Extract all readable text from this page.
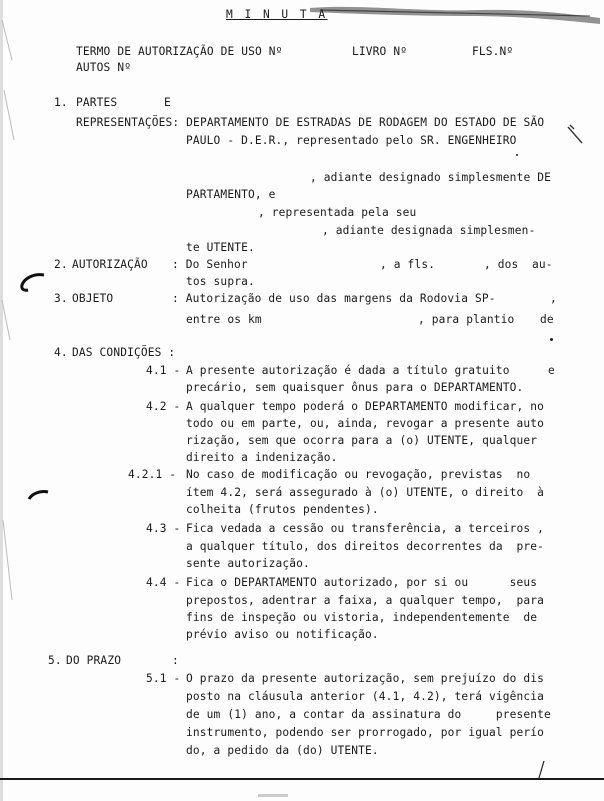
M I N U T A
TERMO DE AUTORIZAÇÃO DE USO Nº	LIVRO Nº	FLS.Nº
AUTOS Nº
1. PARTES	E
REPRESENTAÇÕES: DEPARTAMENTO DE ESTRADAS DE RODAGEM DO ESTADO DE SÃO
PAULO - D.E.R., representado pelo SR. ENGENHEIRO
, adiante designado simplesmente DE
PARTAMENTO, e
, representada pela seu
, adiante designada simplesmen-
te UTENTE.
2. AUTORIZAÇÃO : Do Senhor	, a fls.	, dos au-
tos supra.
3. OBJETO	: Autorização de uso das margens da Rodovia SP-	,
entre os km	, para plantio de
4. DAS CONDIÇÕES :
4.1 - A presente autorização é dada a título gratuito	e
precário, sem quaisquer ônus para o DEPARTAMENTO.
4.2 - A qualquer tempo poderá o DEPARTAMENTO modificar, no
todo ou em parte, ou, ainda, revogar a presente auto
rização, sem que ocorra para a (o) UTENTE, qualquer
direito a indenização.
4.2.1 - No caso de modificação ou revogação, previstas  no
ítem 4.2, será assegurado à (o) UTENTE, o direito  à
colheita (frutos pendentes).
4.3 - Fica vedada a cessão ou transferência, a terceiros ,
a qualquer título, dos direitos decorrentes da  pre-
sente autorização.
4.4 - Fica o DEPARTAMENTO autorizado, por si ou      seus
prepostos, adentrar a faixa, a qualquer tempo,  para
fins de inspeção ou vistoria, independentemente  de
prévio aviso ou notificação.
5. DO PRAZO	:
5.1 - O prazo da presente autorização, sem prejuízo do dis
posto na cláusula anterior (4.1, 4.2), terá vigência
de um (1) ano, a contar da assinatura do     presente
instrumento, podendo ser prorrogado, por igual perío
do, a pedido da (do) UTENTE.
